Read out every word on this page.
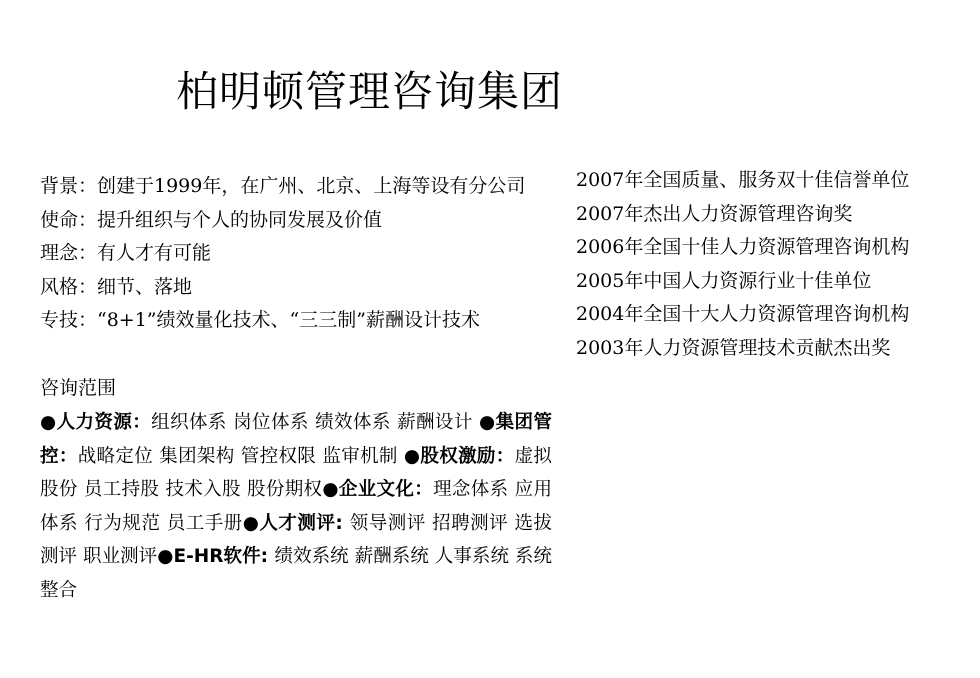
柏明顿管理咨询集团
背景：创建于1999年，在广州、北京、上海等设有分公司
使命：提升组织与个人的协同发展及价值
理念：有人才有可能
风格：细节、落地
专技：“8+1”绩效量化技术、“三三制”薪酬设计技术
2007年全国质量、服务双十佳信誉单位
2007年杰出人力资源管理咨询奖
2006年全国十佳人力资源管理咨询机构
2005年中国人力资源行业十佳单位
2004年全国十大人力资源管理咨询机构
2003年人力资源管理技术贡献杰出奖
咨询范围
●人力资源：组织体系 岗位体系 绩效体系 薪酬设计 ●集团管控：战略定位 集团架构 管控权限 监审机制 ●股权激励：虚拟股份 员工持股 技术入股 股份期权●企业文化：理念体系 应用体系 行为规范 员工手册●人才测评: 领导测评 招聘测评 选拔测评 职业测评●E-HR软件: 绩效系统 薪酬系统 人事系统 系统整合
